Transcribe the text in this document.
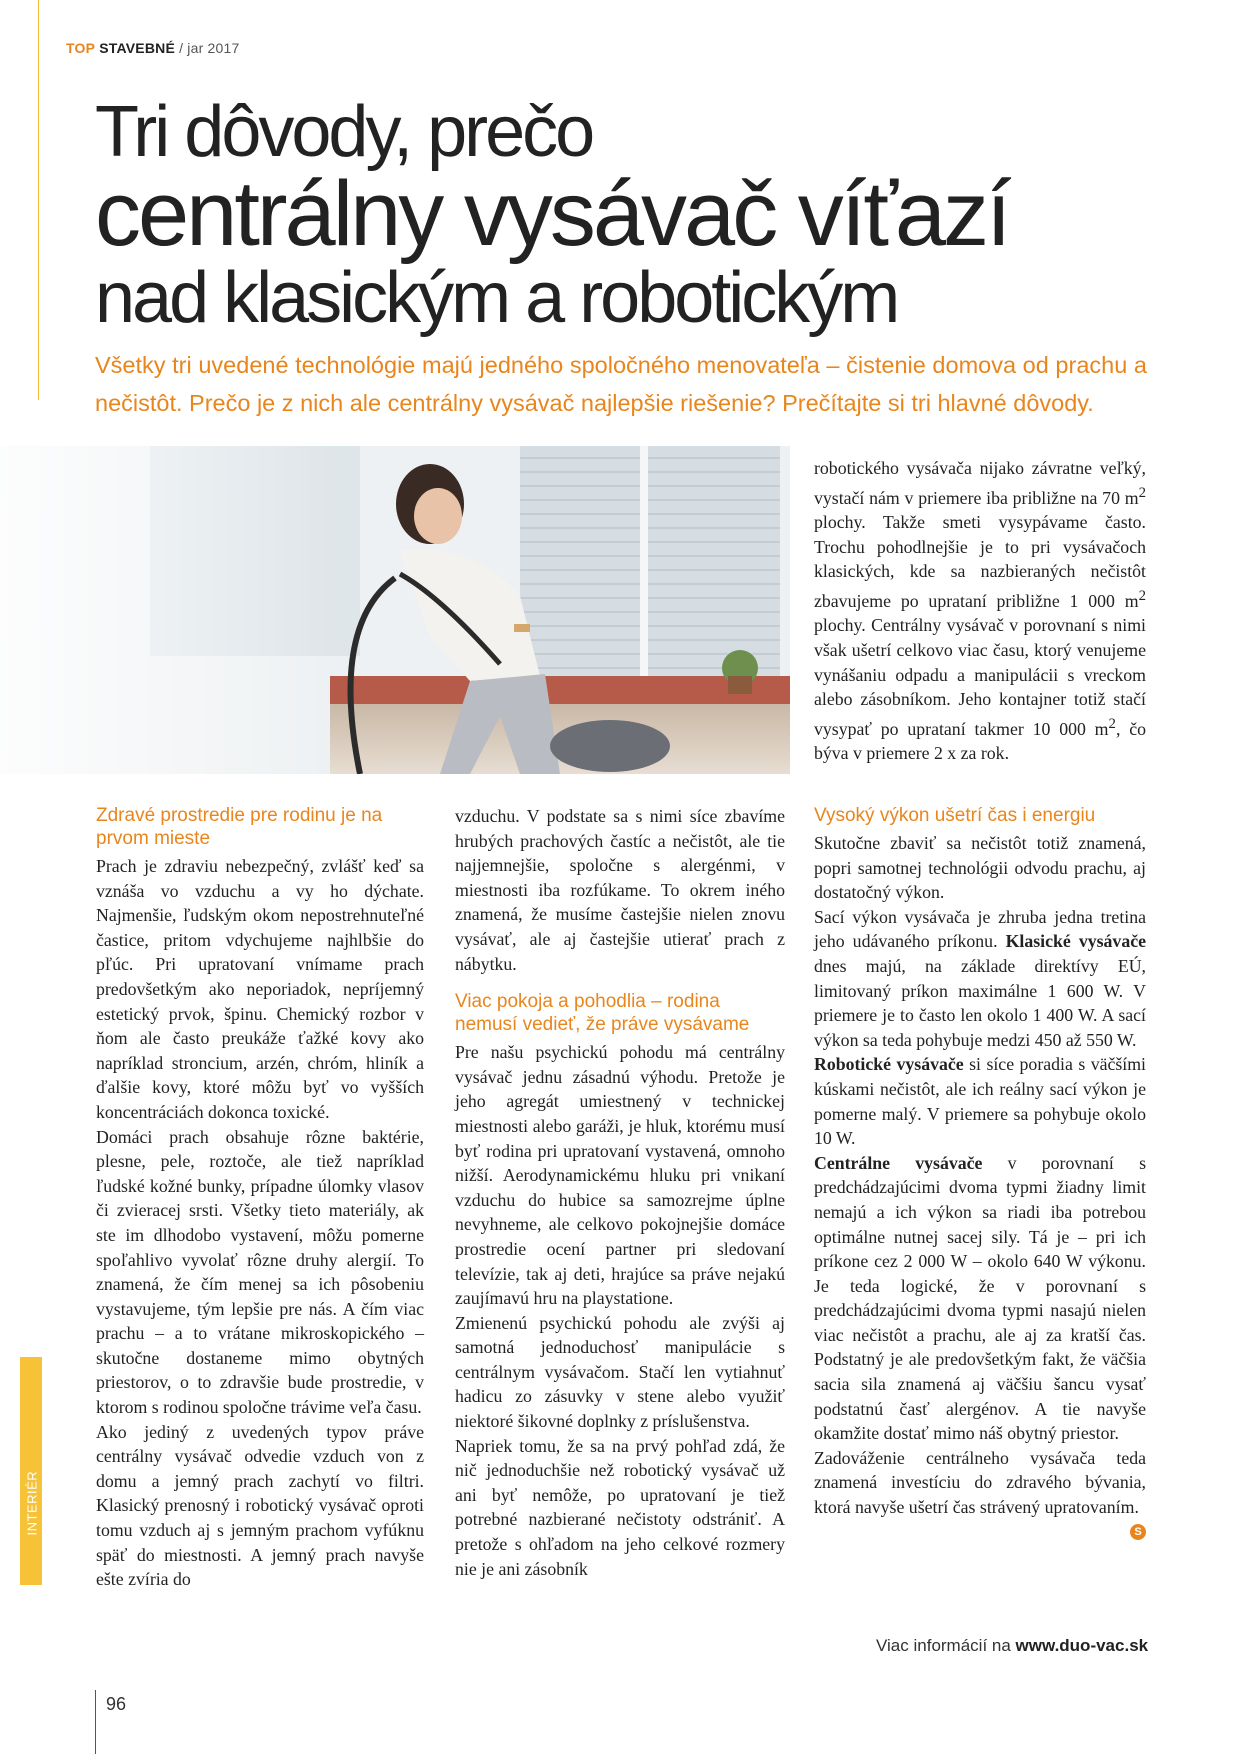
TOP STAVEBNÉ / jar 2017
Tri dôvody, prečo
centrálny vysávač víťazí
nad klasickým a robotickým
Všetky tri uvedené technológie majú jedného spoločného menovateľa – čistenie domova od prachu a nečistôt. Prečo je z nich ale centrálny vysávač najlepšie riešenie? Prečítajte si tri hlavné dôvody.

robotického vysávača nijako závratne veľký, vystačí nám v priemere iba približne na 70 $m^2$ plochy. Takže smeti vysypávame často. Trochu pohodlnejšie je to pri vysávačoch klasických, kde sa nazbieraných nečistôt zbavujeme po uprataní približne 1 000 $m^2$ plochy. Centrálny vysávač v porovnaní s nimi však ušetrí celkovo viac času, ktorý venujeme vynášaniu odpadu a manipulácii s vreckom alebo zásobníkom. Jeho kontajner totiž stačí vysypať po uprataní takmer 10 000 $m^2$, čo býva v priemere 2 x za rok.

Zdravé prostredie pre rodinu je na prvom mieste

Prach je zdraviu nebezpečný, zvlášť keď sa vznáša vo vzduchu a vy ho dýchate. Najmenšie, ľudským okom nepostrehnuteľné častice, pritom vdychujeme najhlbšie do pľúc. Pri upratovaní vnímame prach predovšetkým ako neporiadok, nepríjemný estetický prvok, špinu. Chemický rozbor v ňom ale často preukáže ťažké kovy ako napríklad stroncium, arzén, chróm, hliník a ďalšie kovy, ktoré môžu byť vo vyšších koncentráciách dokonca toxické.

Domáci prach obsahuje rôzne baktérie, plesne, pele, roztoče, ale tiež napríklad ľudské kožné bunky, prípadne úlomky vlasov či zvieracej srsti. Všetky tieto materiály, ak ste im dlhodobo vystavení, môžu pomerne spoľahlivo vyvolať rôzne druhy alergií. To znamená, že čím menej sa ich pôsobeniu vystavujeme, tým lepšie pre nás. A čím viac prachu – a to vrátane mikroskopického – skutočne dostaneme mimo obytných priestorov, o to zdravšie bude prostredie, v ktorom s rodinou spoločne trávime veľa času.

Ako jediný z uvedených typov práve centrálny vysávač odvedie vzduch von z domu a jemný prach zachytí vo filtri. Klasický prenosný i robotický vysávač oproti tomu vzduch aj s jemným prachom vyfúknu späť do miestnosti. A jemný prach navyše ešte zvíria do

vzduchu. V podstate sa s nimi síce zbavíme hrubých prachových častíc a nečistôt, ale tie najjemnejšie, spoločne s alergénmi, v miestnosti iba rozfúkame. To okrem iného znamená, že musíme častejšie nielen znovu vysávať, ale aj častejšie utierať prach z nábytku.

Viac pokoja a pohodlia – rodina nemusí vedieť, že práve vysávame

Pre našu psychickú pohodu má centrálny vysávač jednu zásadnú výhodu. Pretože je jeho agregát umiestnený v technickej miestnosti alebo garáži, je hluk, ktorému musí byť rodina pri upratovaní vystavená, omnoho nižší. Aerodynamickému hluku pri vnikaní vzduchu do hubice sa samozrejme úplne nevyhneme, ale celkovo pokojnejšie domáce prostredie ocení partner pri sledovaní televízie, tak aj deti, hrajúce sa práve nejakú zaujímavú hru na playstatione.

Zmienenú psychickú pohodu ale zvýši aj samotná jednoduchosť manipulácie s centrálnym vysávačom. Stačí len vytiahnuť hadicu zo zásuvky v stene alebo využiť niektoré šikovné doplnky z príslušenstva.

Napriek tomu, že sa na prvý pohľad zdá, že nič jednoduchšie než robotický vysávač už ani byť nemôže, po upratovaní je tiež potrebné nazbierané nečistoty odstrániť. A pretože s ohľadom na jeho celkové rozmery nie je ani zásobník

Vysoký výkon ušetrí čas i energiu

Skutočne zbaviť sa nečistôt totiž znamená, popri samotnej technológii odvodu prachu, aj dostatočný výkon.

Sací výkon vysávača je zhruba jedna tretina jeho udávaného príkonu. Klasické vysávače dnes majú, na základe direktívy EÚ, limitovaný príkon maximálne 1 600 W. V priemere je to často len okolo 1 400 W. A sací výkon sa teda pohybuje medzi 450 až 550 W.

Robotické vysávače si síce poradia s väčšími kúskami nečistôt, ale ich reálny sací výkon je pomerne malý. V priemere sa pohybuje okolo 10 W.

Centrálne vysávače v porovnaní s predchádzajúcimi dvoma typmi žiadny limit nemajú a ich výkon sa riadi iba potrebou optimálne nutnej sacej sily. Tá je – pri ich príkone cez 2 000 W – okolo 640 W výkonu. Je teda logické, že v porovnaní s predchádzajúcimi dvoma typmi nasajú nielen viac nečistôt a prachu, ale aj za kratší čas. Podstatný je ale predovšetkým fakt, že väčšia sacia sila znamená aj väčšiu šancu vysať podstatnú časť alergénov. A tie navyše okamžite dostať mimo náš obytný priestor.

Zadováženie centrálneho vysávača teda znamená investíciu do zdravého bývania, ktorá navyše ušetrí čas strávený upratovaním.
S

Viac informácií na www.duo-vac.sk
INTERIÉR
96
